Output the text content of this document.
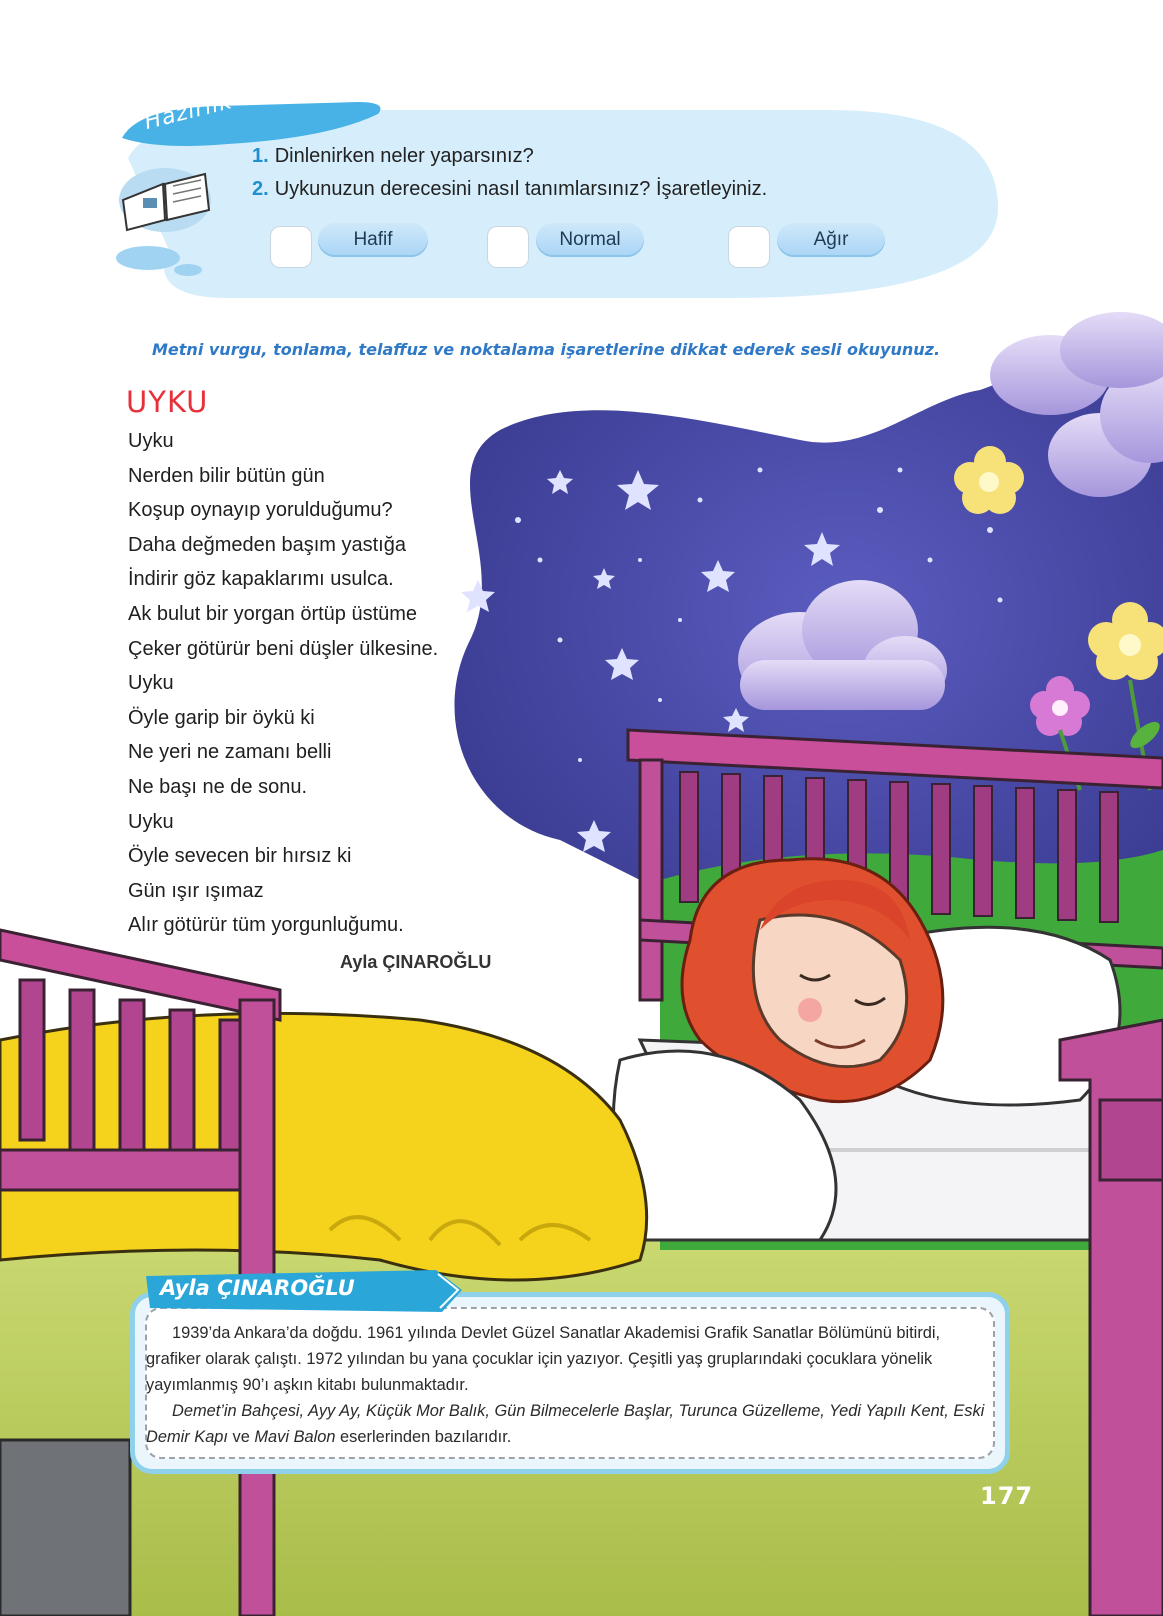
Hazırlık
1. Dinlenirken neler yaparsınız?
2. Uykunuzun derecesini nasıl tanımlarsınız? İşaretleyiniz.
Hafif	Normal	Ağır
Metni vurgu, tonlama, telaffuz ve noktalama işaretlerine dikkat ederek sesli okuyunuz.
UYKU
Uyku
Nerden bilir bütün gün
Koşup oynayıp yorulduğumu?
Daha değmeden başım yastığa
İndirir göz kapaklarımı usulca.
Ak bulut bir yorgan örtüp üstüme
Çeker götürür beni düşler ülkesine.
Uyku
Öyle garip bir öykü ki
Ne yeri ne zamanı belli
Ne başı ne de sonu.
Uyku
Öyle sevecen bir hırsız ki
Gün ışır ışımaz
Alır götürür tüm yorgunluğumu.
Ayla ÇINAROĞLU
Ayla ÇINAROĞLU

1939’da Ankara’da doğdu. 1961 yılında Devlet Güzel Sanatlar Akademisi Grafik Sanatlar Bölümünü bitirdi, grafiker olarak çalıştı. 1972 yılından bu yana çocuklar için yazıyor. Çeşitli yaş gruplarındaki çocuklara yönelik yayımlanmış 90’ı aşkın kitabı bulunmaktadır.

Demet’in Bahçesi, Ayy Ay, Küçük Mor Balık, Gün Bilmecelerle Başlar, Turunca Güzelleme, Yedi Yapılı Kent, Eski Demir Kapı ve Mavi Balon eserlerinden bazılarıdır.

177
